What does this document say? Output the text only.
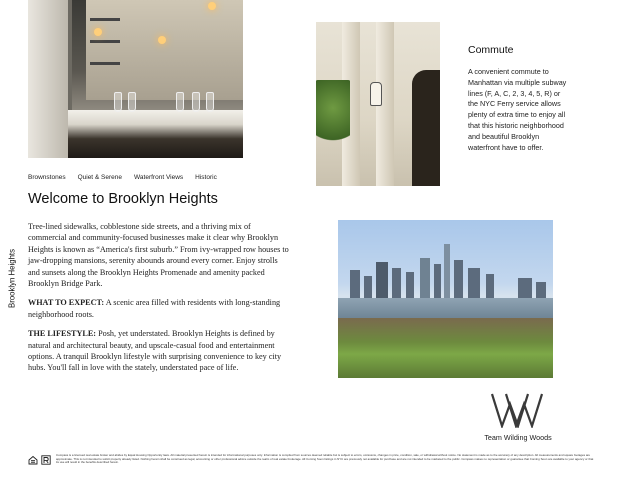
Brownstones Quiet & Serene Waterfront Views Historic
Welcome to Brooklyn Heights
Brooklyn Heights

Tree-lined sidewalks, cobblestone side streets, and a thriving mix of commercial and community-focused businesses make it clear why Brooklyn Heights is known as “America's first suburb.” From ivy-wrapped row houses to jaw-dropping mansions, serenity abounds around every corner. Enjoy strolls and sunsets along the Brooklyn Heights Promenade and amenity packed Brooklyn Bridge Park.

WHAT TO EXPECT: A scenic area filled with residents with long-standing neighborhood roots.

THE LIFESTYLE: Posh, yet understated. Brooklyn Heights is defined by natural and architectural beauty, and upscale-casual food and entertainment options. A tranquil Brooklyn lifestyle with surprising convenience to key city hubs. You'll fall in love with the stately, understated pace of life.

Commute
A convenient commute to Manhattan via multiple subway lines (F, A, C, 2, 3, 4, 5, R) or the NYC Ferry service allows plenty of extra time to enjoy all that this historic neighborhood and beautiful Brooklyn waterfront have to offer.
Team Wilding Woods
Compass is a licensed real estate broker and abides by Equal Housing Opportunity laws. All material presented herein is intended for informational purposes only. Information is compiled from sources deemed reliable but is subject to errors, omissions, changes in price, condition, sale, or withdrawal without notice. No statement is made as to the accuracy of any description. All measurements and square footages are approximate. This is not intended to solicit property already listed. Nothing herein shall be construed as legal, accounting or other professional advice outside the realm of real estate brokerage. All Coming Soon listings in NYC are previously not available for purchase and are not intended to be marketed to the public. Compass makes no representation or guarantee that Coming Soon are available to your agency or that its use will result in the benefits described herein.
